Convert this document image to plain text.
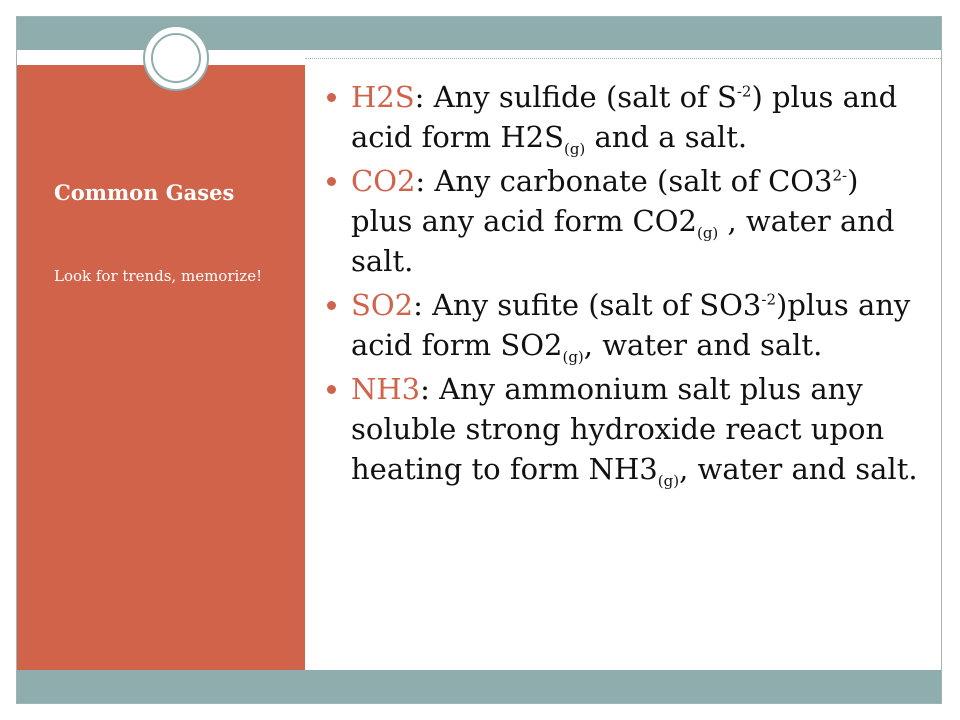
Common Gases
Look for trends, memorize!
H2S: Any sulfide (salt of $S^{-2}$) plus and acid form $H2S_{(g)}$ and a salt.
CO2: Any carbonate (salt of $CO3^{2-}$) plus any acid form $CO2_{(g)}$ , water and salt.
SO2: Any sufite (salt of $SO3^{-2})plus$ any acid form $SO2_{(g)}$, water and salt.
NH3: Any ammonium salt plus any soluble strong hydroxide react upon heating to form $NH3_{(g)}$, water and salt.
